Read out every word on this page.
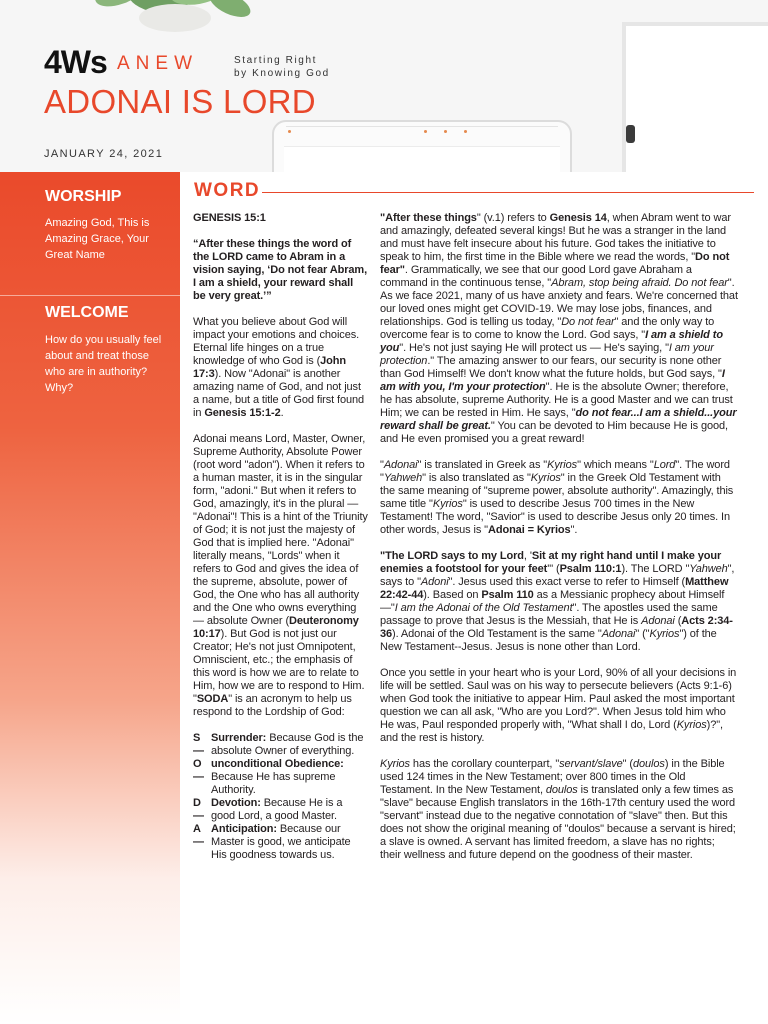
4Ws ANEW	Starting Right
by Knowing God
ADONAI IS LORD
JANUARY 24, 2021
WORSHIP
Amazing God, This is Amazing Grace, Your Great Name
WELCOME
How do you usually feel about and treat those who are in authority? Why?
WORD

GENESIS 15:1

“After these things the word of the LORD came to Abram in a vision saying, ‘Do not fear Abram, I am a shield, your reward shall be very great.’”

What you believe about God will impact your emotions and choices. Eternal life hinges on a true knowledge of who God is (John 17:3). Now "Adonai" is another amazing name of God, and not just a name, but a title of God first found in Genesis 15:1-2.

Adonai means Lord, Master, Owner, Supreme Authority, Absolute Power (root word "adon"). When it refers to a human master, it is in the singular form, "adoni." But when it refers to God, amazingly, it's in the plural — "Adonai"! This is a hint of the Triunity of God; it is not just the majesty of God that is implied here. "Adonai" literally means, "Lords" when it refers to God and gives the idea of the supreme, absolute, power of God, the One who has all authority and the One who owns everything — absolute Owner (Deuteronomy 10:17). But God is not just our Creator; He's not just Omnipotent, Omniscient, etc.; the emphasis of this word is how we are to relate to Him, how we are to respond to Him. "SODA" is an acronym to help us respond to the Lordship of God:

S —
Surrender: Because God is the absolute Owner of everything.
O —
unconditional Obedience: Because He has supreme Authority.
D —
Devotion: Because He is a good Lord, a good Master.
A —
Anticipation: Because our Master is good, we anticipate His goodness towards us.

"After these things" (v.1) refers to Genesis 14, when Abram went to war and amazingly, defeated several kings! But he was a stranger in the land and must have felt insecure about his future. God takes the initiative to speak to him, the first time in the Bible where we read the words, "Do not fear". Grammatically, we see that our good Lord gave Abraham a command in the continuous tense, "Abram, stop being afraid. Do not fear". As we face 2021, many of us have anxiety and fears. We're concerned that our loved ones might get COVID-19. We may lose jobs, finances, and relationships. God is telling us today, "Do not fear" and the only way to overcome fear is to come to know the Lord. God says, "I am a shield to you". He's not just saying He will protect us — He's saying, "I am your protection." The amazing answer to our fears, our security is none other than God Himself! We don't know what the future holds, but God says, "I am with you, I'm your protection". He is the absolute Owner; therefore, he has absolute, supreme Authority. He is a good Master and we can trust Him; we can be rested in Him. He says, "do not fear...I am a shield...your reward shall be great." You can be devoted to Him because He is good, and He even promised you a great reward!

"Adonai" is translated in Greek as "Kyrios" which means "Lord". The word "Yahweh" is also translated as "Kyrios" in the Greek Old Testament with the same meaning of "supreme power, absolute authority". Amazingly, this same title "Kyrios" is used to describe Jesus 700 times in the New Testament! The word, "Savior" is used to describe Jesus only 20 times. In other words, Jesus is "Adonai = Kyrios".

"The LORD says to my Lord, 'Sit at my right hand until I make your enemies a footstool for your feet'" (Psalm 110:1). The LORD "Yahweh", says to "Adoni". Jesus used this exact verse to refer to Himself (Matthew 22:42-44). Based on Psalm 110 as a Messianic prophecy about Himself—"I am the Adonai of the Old Testament". The apostles used the same passage to prove that Jesus is the Messiah, that He is Adonai (Acts 2:34-36). Adonai of the Old Testament is the same "Adonai" ("Kyrios") of the New Testament--Jesus. Jesus is none other than Lord.

Once you settle in your heart who is your Lord, 90% of all your decisions in life will be settled. Saul was on his way to persecute believers (Acts 9:1-6) when God took the initiative to appear Him. Paul asked the most important question we can all ask, "Who are you Lord?". When Jesus told him who He was, Paul responded properly with, "What shall I do, Lord (Kyrios)?", and the rest is history.

Kyrios has the corollary counterpart, "servant/slave" (doulos) in the Bible used 124 times in the New Testament; over 800 times in the Old Testament. In the New Testament, doulos is translated only a few times as "slave" because English translators in the 16th-17th century used the word "servant" instead due to the negative connotation of "slave" then. But this does not show the original meaning of "doulos" because a servant is hired; a slave is owned. A servant has limited freedom, a slave has no rights; their wellness and future depend on the goodness of their master.
